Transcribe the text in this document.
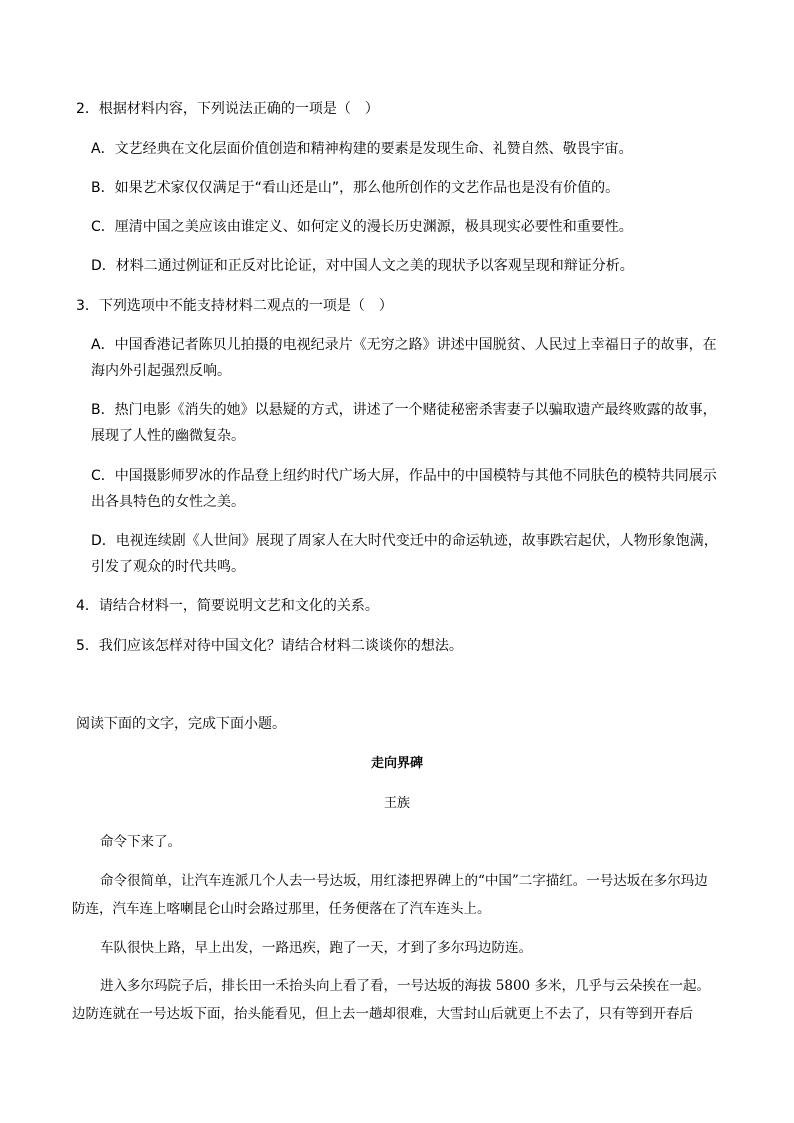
2．根据材料内容，下列说法正确的一项是（　）
A．文艺经典在文化层面价值创造和精神构建的要素是发现生命、礼赞自然、敬畏宇宙。
B．如果艺术家仅仅满足于“看山还是山”，那么他所创作的文艺作品也是没有价值的。
C．厘清中国之美应该由谁定义、如何定义的漫长历史渊源，极具现实必要性和重要性。
D．材料二通过例证和正反对比论证，对中国人文之美的现状予以客观呈现和辩证分析。
3．下列选项中不能支持材料二观点的一项是（　）
A．中国香港记者陈贝儿拍摄的电视纪录片《无穷之路》讲述中国脱贫、人民过上幸福日子的故事，在
海内外引起强烈反响。
B．热门电影《消失的她》以悬疑的方式，讲述了一个赌徒秘密杀害妻子以骗取遗产最终败露的故事，
展现了人性的幽微复杂。
C．中国摄影师罗冰的作品登上纽约时代广场大屏，作品中的中国模特与其他不同肤色的模特共同展示
出各具特色的女性之美。
D．电视连续剧《人世间》展现了周家人在大时代变迁中的命运轨迹，故事跌宕起伏，人物形象饱满，
引发了观众的时代共鸣。
4．请结合材料一，简要说明文艺和文化的关系。
5．我们应该怎样对待中国文化？请结合材料二谈谈你的想法。
阅读下面的文字，完成下面小题。
走向界碑
王族
命令下来了。
命令很简单，让汽车连派几个人去一号达坂，用红漆把界碑上的“中国”二字描红。一号达坂在多尔玛边
防连，汽车连上喀喇昆仑山时会路过那里，任务便落在了汽车连头上。
车队很快上路，早上出发，一路迅疾，跑了一天，才到了多尔玛边防连。
进入多尔玛院子后，排长田一禾抬头向上看了看，一号达坂的海拔 5800 多米，几乎与云朵挨在一起。
边防连就在一号达坂下面，抬头能看见，但上去一趟却很难，大雪封山后就更上不去了，只有等到开春后
